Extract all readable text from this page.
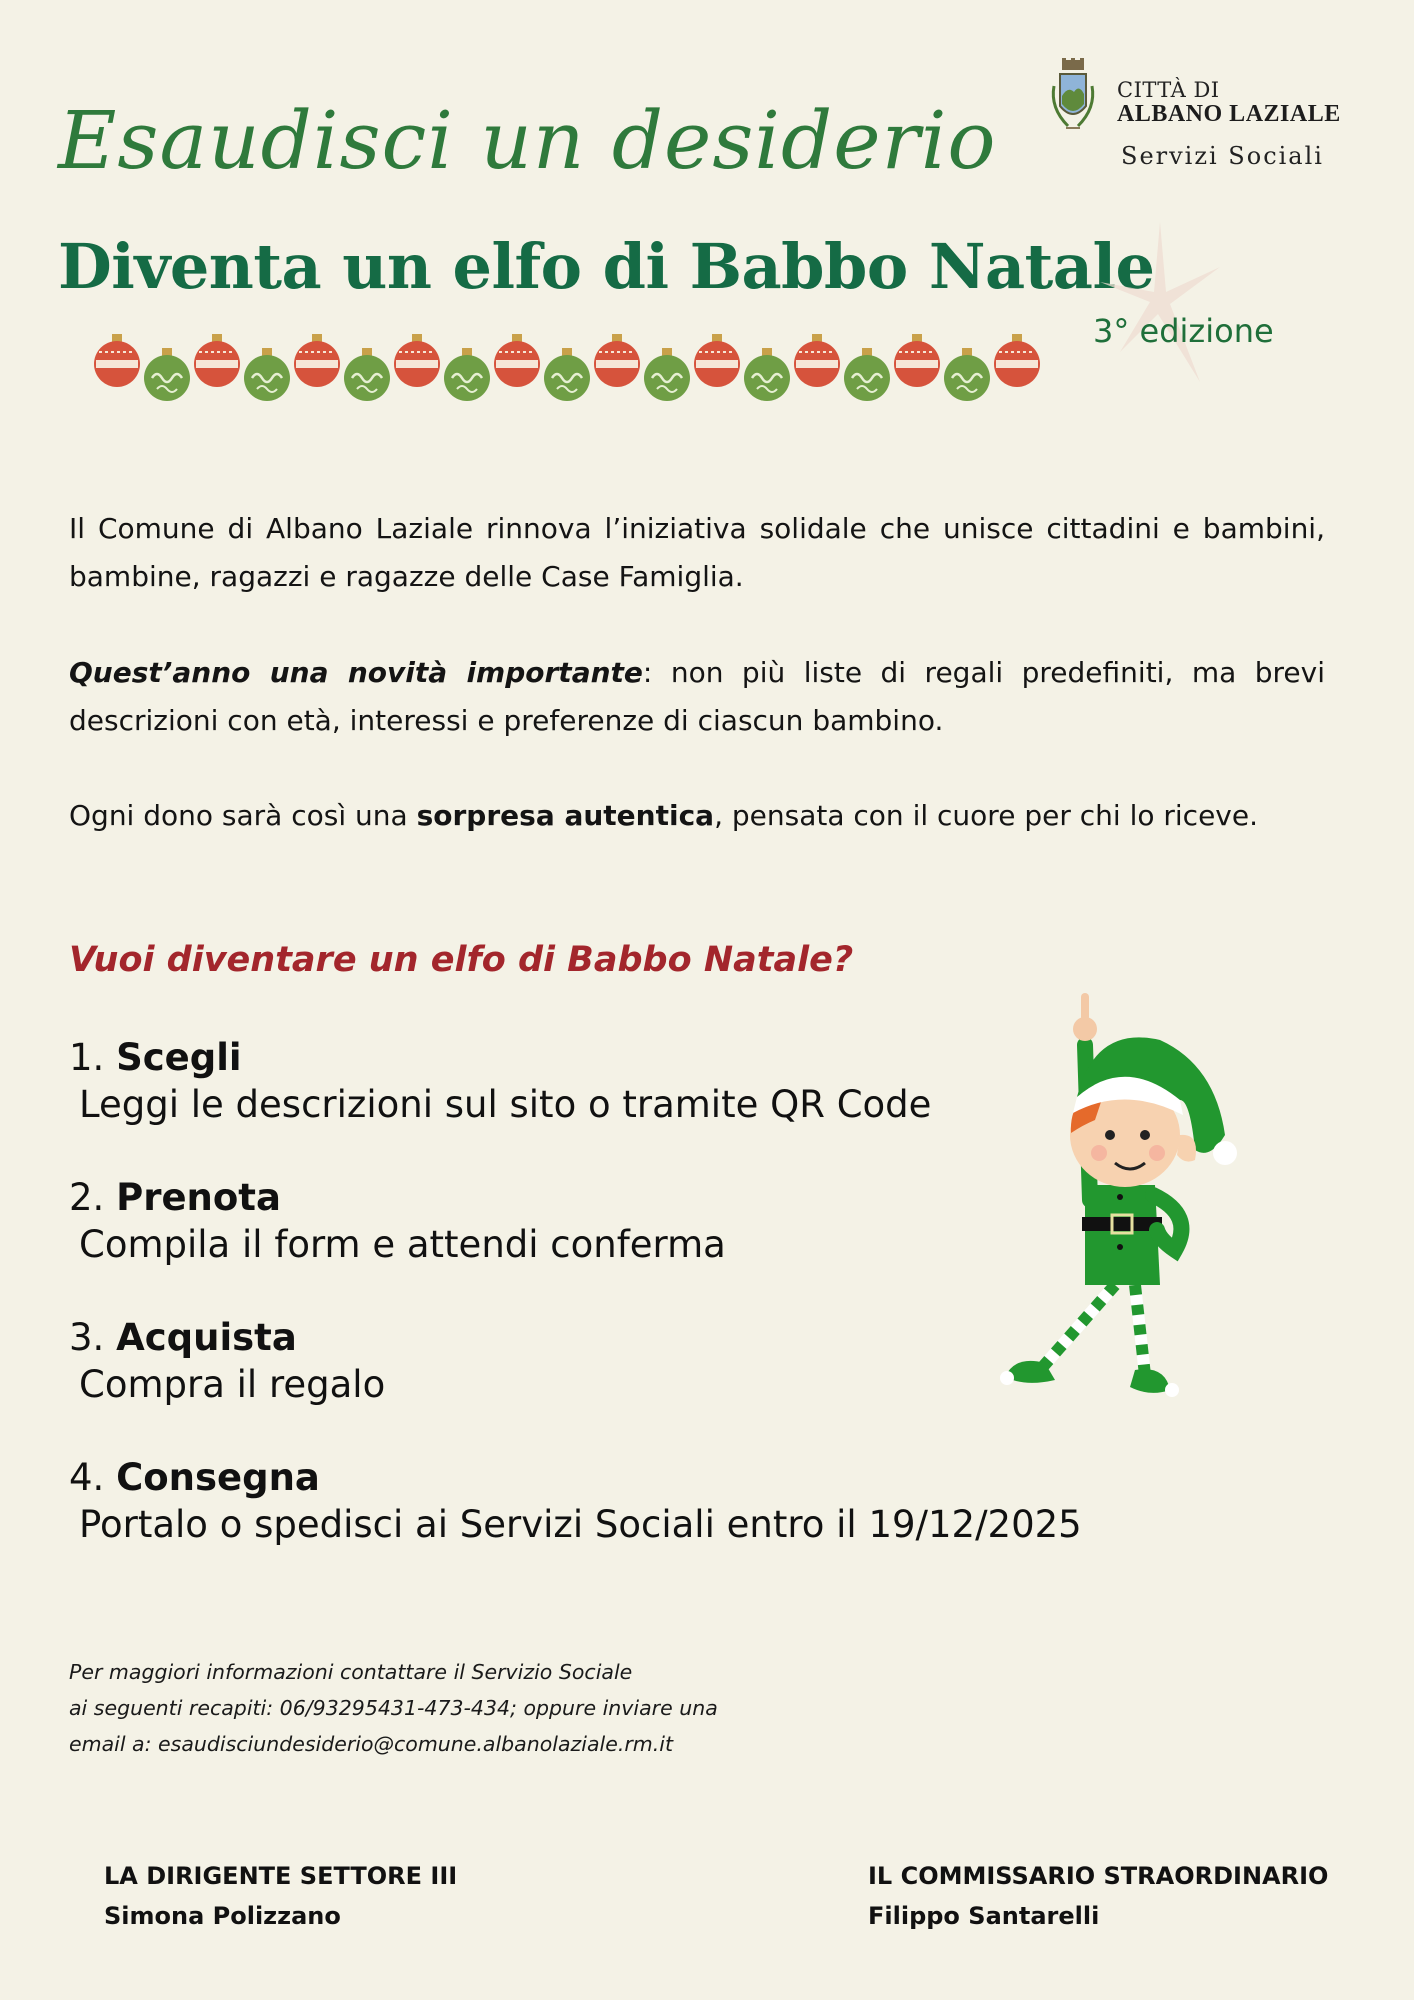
CITTÀ DI
ALBANO LAZIALE
Servizi Sociali
Esaudisci un desiderio
Diventa un elfo di Babbo Natale
3° edizione
Il Comune di Albano Laziale rinnova l’iniziativa solidale che unisce cittadini e bambini, bambine, ragazzi e ragazze delle Case Famiglia.
Quest’anno una novità importante: non più liste di regali predefiniti, ma brevi descrizioni con età, interessi e preferenze di ciascun bambino.
Ogni dono sarà così una sorpresa autentica, pensata con il cuore per chi lo riceve.
Vuoi diventare un elfo di Babbo Natale?
1. Scegli
Leggi le descrizioni sul sito o tramite QR Code
2. Prenota
Compila il form e attendi conferma
3. Acquista
Compra il regalo
4. Consegna
Portalo o spedisci ai Servizi Sociali entro il 19/12/2025
Per maggiori informazioni contattare il Servizio Sociale
ai seguenti recapiti: 06/93295431-473-434; oppure inviare una
email a: esaudisciundesiderio@comune.albanolaziale.rm.it
LA DIRIGENTE SETTORE III
Simona Polizzano
IL COMMISSARIO STRAORDINARIO
Filippo Santarelli
